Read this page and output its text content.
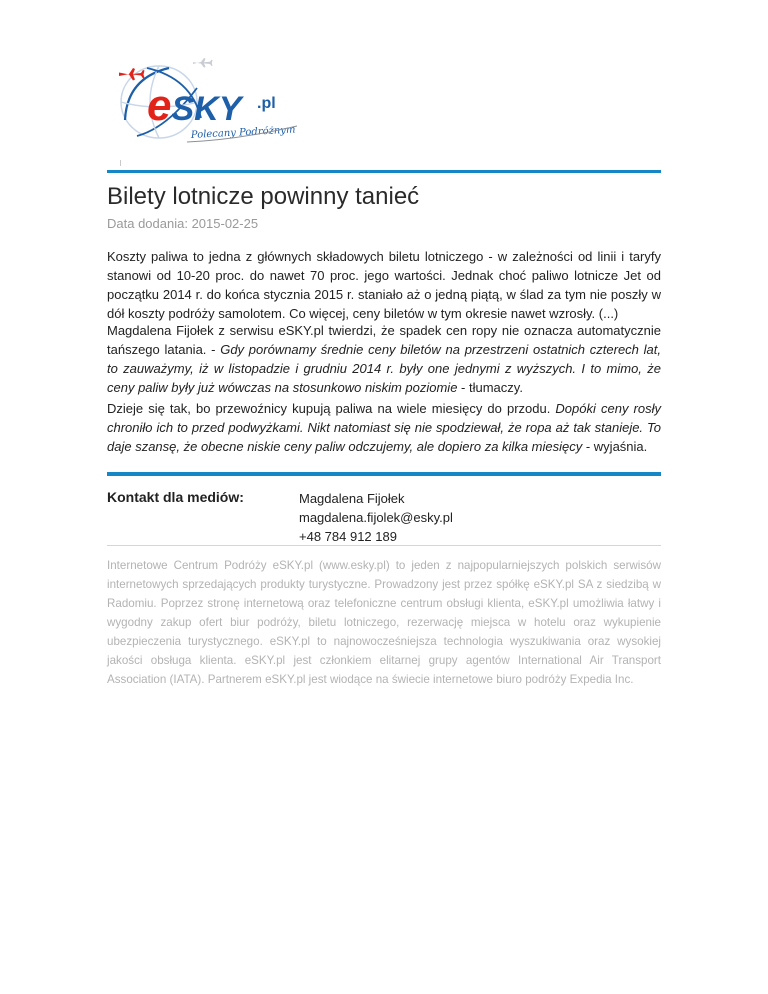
eSKY .pl
Polecany Podróżnym
Bilety lotnicze powinny tanieć
Data dodania: 2015-02-25

Koszty paliwa to jedna z głównych składowych biletu lotniczego - w zależności od linii i taryfy stanowi od 10-20 proc. do nawet 70 proc. jego wartości. Jednak choć paliwo lotnicze Jet od początku 2014 r. do końca stycznia 2015 r. staniało aż o jedną piątą, w ślad za tym nie poszły w dół koszty podróży samolotem. Co więcej, ceny biletów w tym okresie nawet wzrosły. (...)

Magdalena Fijołek z serwisu eSKY.pl twierdzi, że spadek cen ropy nie oznacza automatycznie tańszego latania. - Gdy porównamy średnie ceny biletów na przestrzeni ostatnich czterech lat, to zauważymy, iż w listopadzie i grudniu 2014 r. były one jednymi z wyższych. I to mimo, że ceny paliw były już wówczas na stosunkowo niskim poziomie - tłumaczy.

Dzieje się tak, bo przewoźnicy kupują paliwa na wiele miesięcy do przodu. Dopóki ceny rosły chroniło ich to przed podwyżkami. Nikt natomiast się nie spodziewał, że ropa aż tak stanieje. To daje szansę, że obecne niskie ceny paliw odczujemy, ale dopiero za kilka miesięcy - wyjaśnia.

Kontakt dla mediów:	Magdalena Fijołek
magdalena.fijolek@esky.pl
+48 784 912 189

Internetowe Centrum Podróży eSKY.pl (www.esky.pl) to jeden z najpopularniejszych polskich serwisów internetowych sprzedających produkty turystyczne. Prowadzony jest przez spółkę eSKY.pl SA z siedzibą w Radomiu. Poprzez stronę internetową oraz telefoniczne centrum obsługi klienta, eSKY.pl umożliwia łatwy i wygodny zakup ofert biur podróży, biletu lotniczego, rezerwację miejsca w hotelu oraz wykupienie ubezpieczenia turystycznego. eSKY.pl to najnowocześniejsza technologia wyszukiwania oraz wysokiej jakości obsługa klienta. eSKY.pl jest członkiem elitarnej grupy agentów International Air Transport Association (IATA). Partnerem eSKY.pl jest wiodące na świecie internetowe biuro podróży Expedia Inc.
